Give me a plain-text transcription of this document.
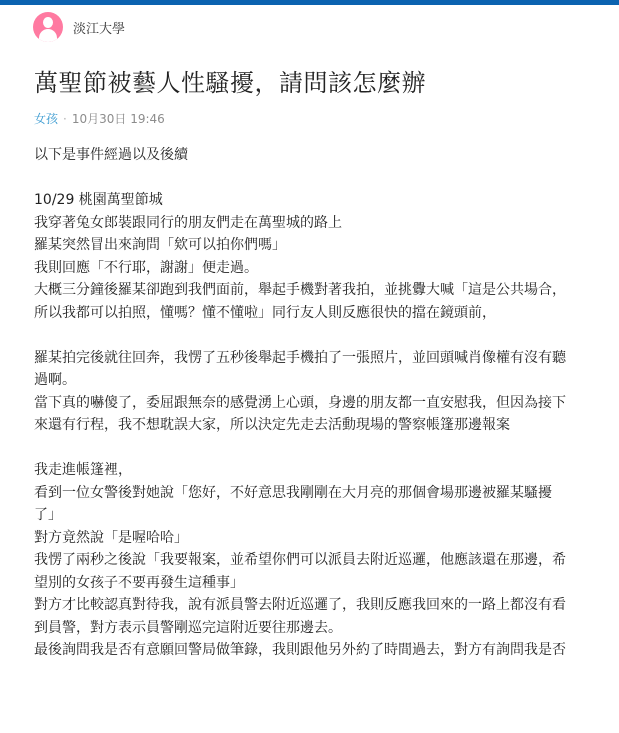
淡江大學
萬聖節被藝人性騷擾，請問該怎麼辦
女孩 · 10月30日 19:46

以下是事件經過以及後續

10/29 桃園萬聖節城
我穿著兔女郎裝跟同行的朋友們走在萬聖城的路上
羅某突然冒出來詢問「欸可以拍你們嗎」
我則回應「不行耶，謝謝」便走過。
大概三分鐘後羅某卻跑到我們面前，舉起手機對著我拍，並挑釁大喊「這是公共場合，
所以我都可以拍照，懂嗎？懂不懂啦」同行友人則反應很快的擋在鏡頭前，

羅某拍完後就往回奔，我愣了五秒後舉起手機拍了一張照片，並回頭喊肖像權有沒有聽
過啊。
當下真的嚇傻了，委屈跟無奈的感覺湧上心頭，身邊的朋友都一直安慰我，但因為接下
來還有行程，我不想耽誤大家，所以決定先走去活動現場的警察帳篷那邊報案

我走進帳篷裡，
看到一位女警後對她說「您好，不好意思我剛剛在大月亮的那個會場那邊被羅某騷擾
了」
對方竟然說「是喔哈哈」
我愣了兩秒之後說「我要報案，並希望你們可以派員去附近巡邏，他應該還在那邊，希
望別的女孩子不要再發生這種事」
對方才比較認真對待我，說有派員警去附近巡邏了，我則反應我回來的一路上都沒有看
到員警，對方表示員警剛巡完這附近要往那邊去。
最後詢問我是否有意願回警局做筆錄，我則跟他另外約了時間過去，對方有詢問我是否
